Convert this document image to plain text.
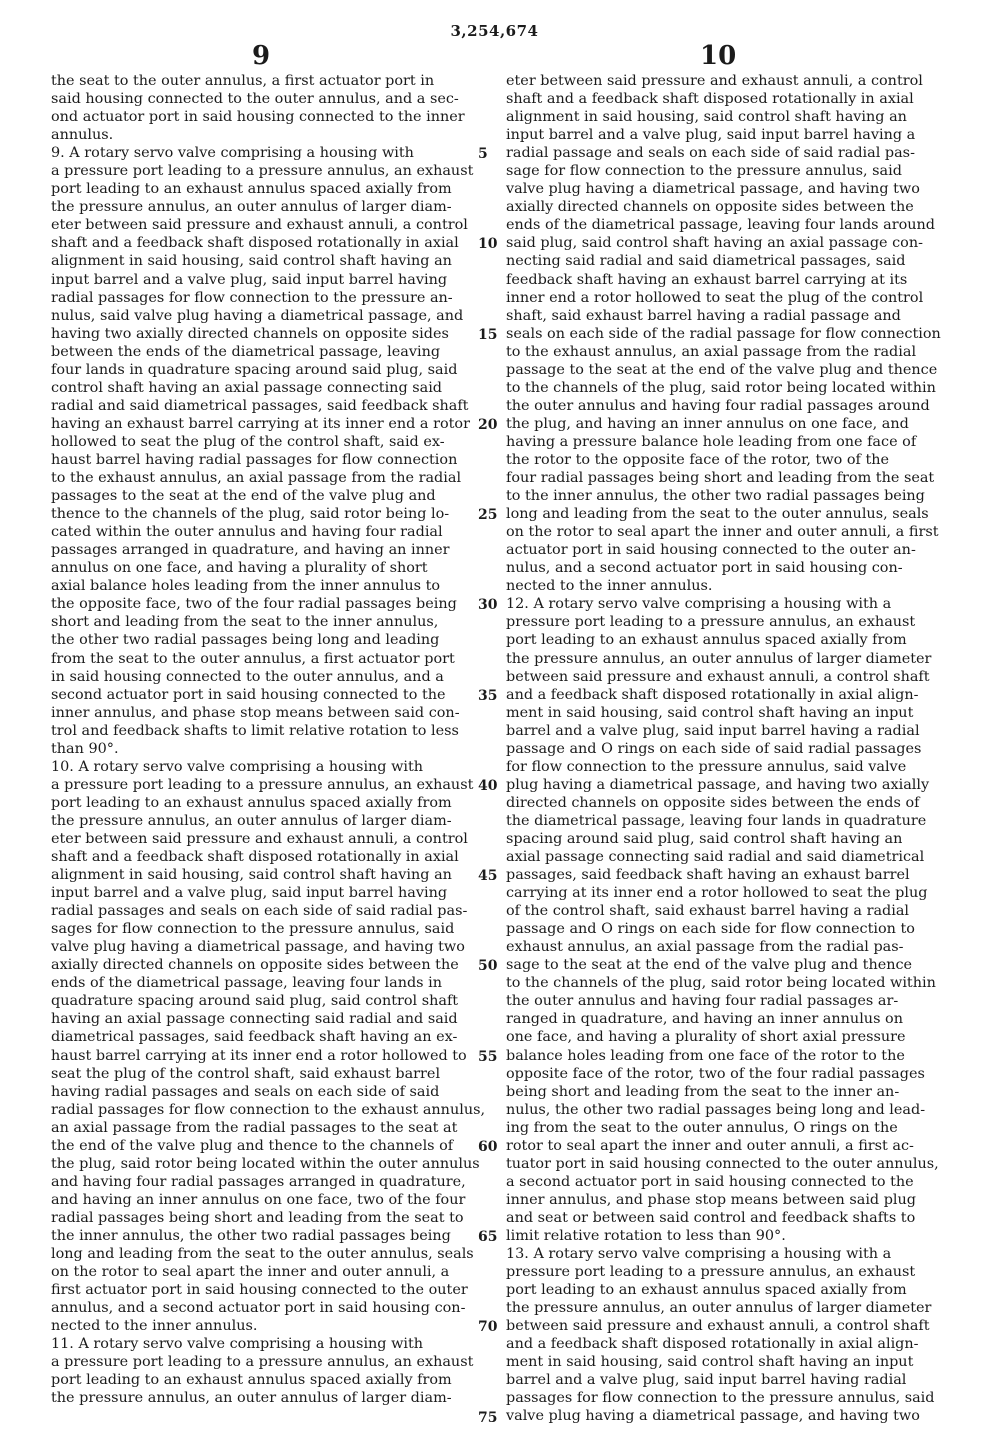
3,254,674
9	10
the seat to the outer annulus, a first actuator port in
said housing connected to the outer annulus, and a sec-
ond actuator port in said housing connected to the inner
annulus.
9. A rotary servo valve comprising a housing with
a pressure port leading to a pressure annulus, an exhaust
port leading to an exhaust annulus spaced axially from
the pressure annulus, an outer annulus of larger diam-
eter between said pressure and exhaust annuli, a control
shaft and a feedback shaft disposed rotationally in axial
alignment in said housing, said control shaft having an
input barrel and a valve plug, said input barrel having
radial passages for flow connection to the pressure an-
nulus, said valve plug having a diametrical passage, and
having two axially directed channels on opposite sides
between the ends of the diametrical passage, leaving
four lands in quadrature spacing around said plug, said
control shaft having an axial passage connecting said
radial and said diametrical passages, said feedback shaft
having an exhaust barrel carrying at its inner end a rotor
hollowed to seat the plug of the control shaft, said ex-
haust barrel having radial passages for flow connection
to the exhaust annulus, an axial passage from the radial
passages to the seat at the end of the valve plug and
thence to the channels of the plug, said rotor being lo-
cated within the outer annulus and having four radial
passages arranged in quadrature, and having an inner
annulus on one face, and having a plurality of short
axial balance holes leading from the inner annulus to
the opposite face, two of the four radial passages being
short and leading from the seat to the inner annulus,
the other two radial passages being long and leading
from the seat to the outer annulus, a first actuator port
in said housing connected to the outer annulus, and a
second actuator port in said housing connected to the
inner annulus, and phase stop means between said con-
trol and feedback shafts to limit relative rotation to less
than 90°.
10. A rotary servo valve comprising a housing with
a pressure port leading to a pressure annulus, an exhaust
port leading to an exhaust annulus spaced axially from
the pressure annulus, an outer annulus of larger diam-
eter between said pressure and exhaust annuli, a control
shaft and a feedback shaft disposed rotationally in axial
alignment in said housing, said control shaft having an
input barrel and a valve plug, said input barrel having
radial passages and seals on each side of said radial pas-
sages for flow connection to the pressure annulus, said
valve plug having a diametrical passage, and having two
axially directed channels on opposite sides between the
ends of the diametrical passage, leaving four lands in
quadrature spacing around said plug, said control shaft
having an axial passage connecting said radial and said
diametrical passages, said feedback shaft having an ex-
haust barrel carrying at its inner end a rotor hollowed to
seat the plug of the control shaft, said exhaust barrel
having radial passages and seals on each side of said
radial passages for flow connection to the exhaust annulus,
an axial passage from the radial passages to the seat at
the end of the valve plug and thence to the channels of
the plug, said rotor being located within the outer annulus
and having four radial passages arranged in quadrature,
and having an inner annulus on one face, two of the four
radial passages being short and leading from the seat to
the inner annulus, the other two radial passages being
long and leading from the seat to the outer annulus, seals
on the rotor to seal apart the inner and outer annuli, a
first actuator port in said housing connected to the outer
annulus, and a second actuator port in said housing con-
nected to the inner annulus.
11. A rotary servo valve comprising a housing with
a pressure port leading to a pressure annulus, an exhaust
port leading to an exhaust annulus spaced axially from
the pressure annulus, an outer annulus of larger diam-
eter between said pressure and exhaust annuli, a control
shaft and a feedback shaft disposed rotationally in axial
alignment in said housing, said control shaft having an
input barrel and a valve plug, said input barrel having a
radial passage and seals on each side of said radial pas-
sage for flow connection to the pressure annulus, said
valve plug having a diametrical passage, and having two
axially directed channels on opposite sides between the
ends of the diametrical passage, leaving four lands around
said plug, said control shaft having an axial passage con-
necting said radial and said diametrical passages, said
feedback shaft having an exhaust barrel carrying at its
inner end a rotor hollowed to seat the plug of the control
shaft, said exhaust barrel having a radial passage and
seals on each side of the radial passage for flow connection
to the exhaust annulus, an axial passage from the radial
passage to the seat at the end of the valve plug and thence
to the channels of the plug, said rotor being located within
the outer annulus and having four radial passages around
the plug, and having an inner annulus on one face, and
having a pressure balance hole leading from one face of
the rotor to the opposite face of the rotor, two of the
four radial passages being short and leading from the seat
to the inner annulus, the other two radial passages being
long and leading from the seat to the outer annulus, seals
on the rotor to seal apart the inner and outer annuli, a first
actuator port in said housing connected to the outer an-
nulus, and a second actuator port in said housing con-
nected to the inner annulus.
12. A rotary servo valve comprising a housing with a
pressure port leading to a pressure annulus, an exhaust
port leading to an exhaust annulus spaced axially from
the pressure annulus, an outer annulus of larger diameter
between said pressure and exhaust annuli, a control shaft
and a feedback shaft disposed rotationally in axial align-
ment in said housing, said control shaft having an input
barrel and a valve plug, said input barrel having a radial
passage and O rings on each side of said radial passages
for flow connection to the pressure annulus, said valve
plug having a diametrical passage, and having two axially
directed channels on opposite sides between the ends of
the diametrical passage, leaving four lands in quadrature
spacing around said plug, said control shaft having an
axial passage connecting said radial and said diametrical
passages, said feedback shaft having an exhaust barrel
carrying at its inner end a rotor hollowed to seat the plug
of the control shaft, said exhaust barrel having a radial
passage and O rings on each side for flow connection to
exhaust annulus, an axial passage from the radial pas-
sage to the seat at the end of the valve plug and thence
to the channels of the plug, said rotor being located within
the outer annulus and having four radial passages ar-
ranged in quadrature, and having an inner annulus on
one face, and having a plurality of short axial pressure
balance holes leading from one face of the rotor to the
opposite face of the rotor, two of the four radial passages
being short and leading from the seat to the inner an-
nulus, the other two radial passages being long and lead-
ing from the seat to the outer annulus, O rings on the
rotor to seal apart the inner and outer annuli, a first ac-
tuator port in said housing connected to the outer annulus,
a second actuator port in said housing connected to the
inner annulus, and phase stop means between said plug
and seat or between said control and feedback shafts to
limit relative rotation to less than 90°.
13. A rotary servo valve comprising a housing with a
pressure port leading to a pressure annulus, an exhaust
port leading to an exhaust annulus spaced axially from
the pressure annulus, an outer annulus of larger diameter
between said pressure and exhaust annuli, a control shaft
and a feedback shaft disposed rotationally in axial align-
ment in said housing, said control shaft having an input
barrel and a valve plug, said input barrel having radial
passages for flow connection to the pressure annulus, said
valve plug having a diametrical passage, and having two
5
10
15
20
25
30
35
40
45
50
55
60
65
70
75
